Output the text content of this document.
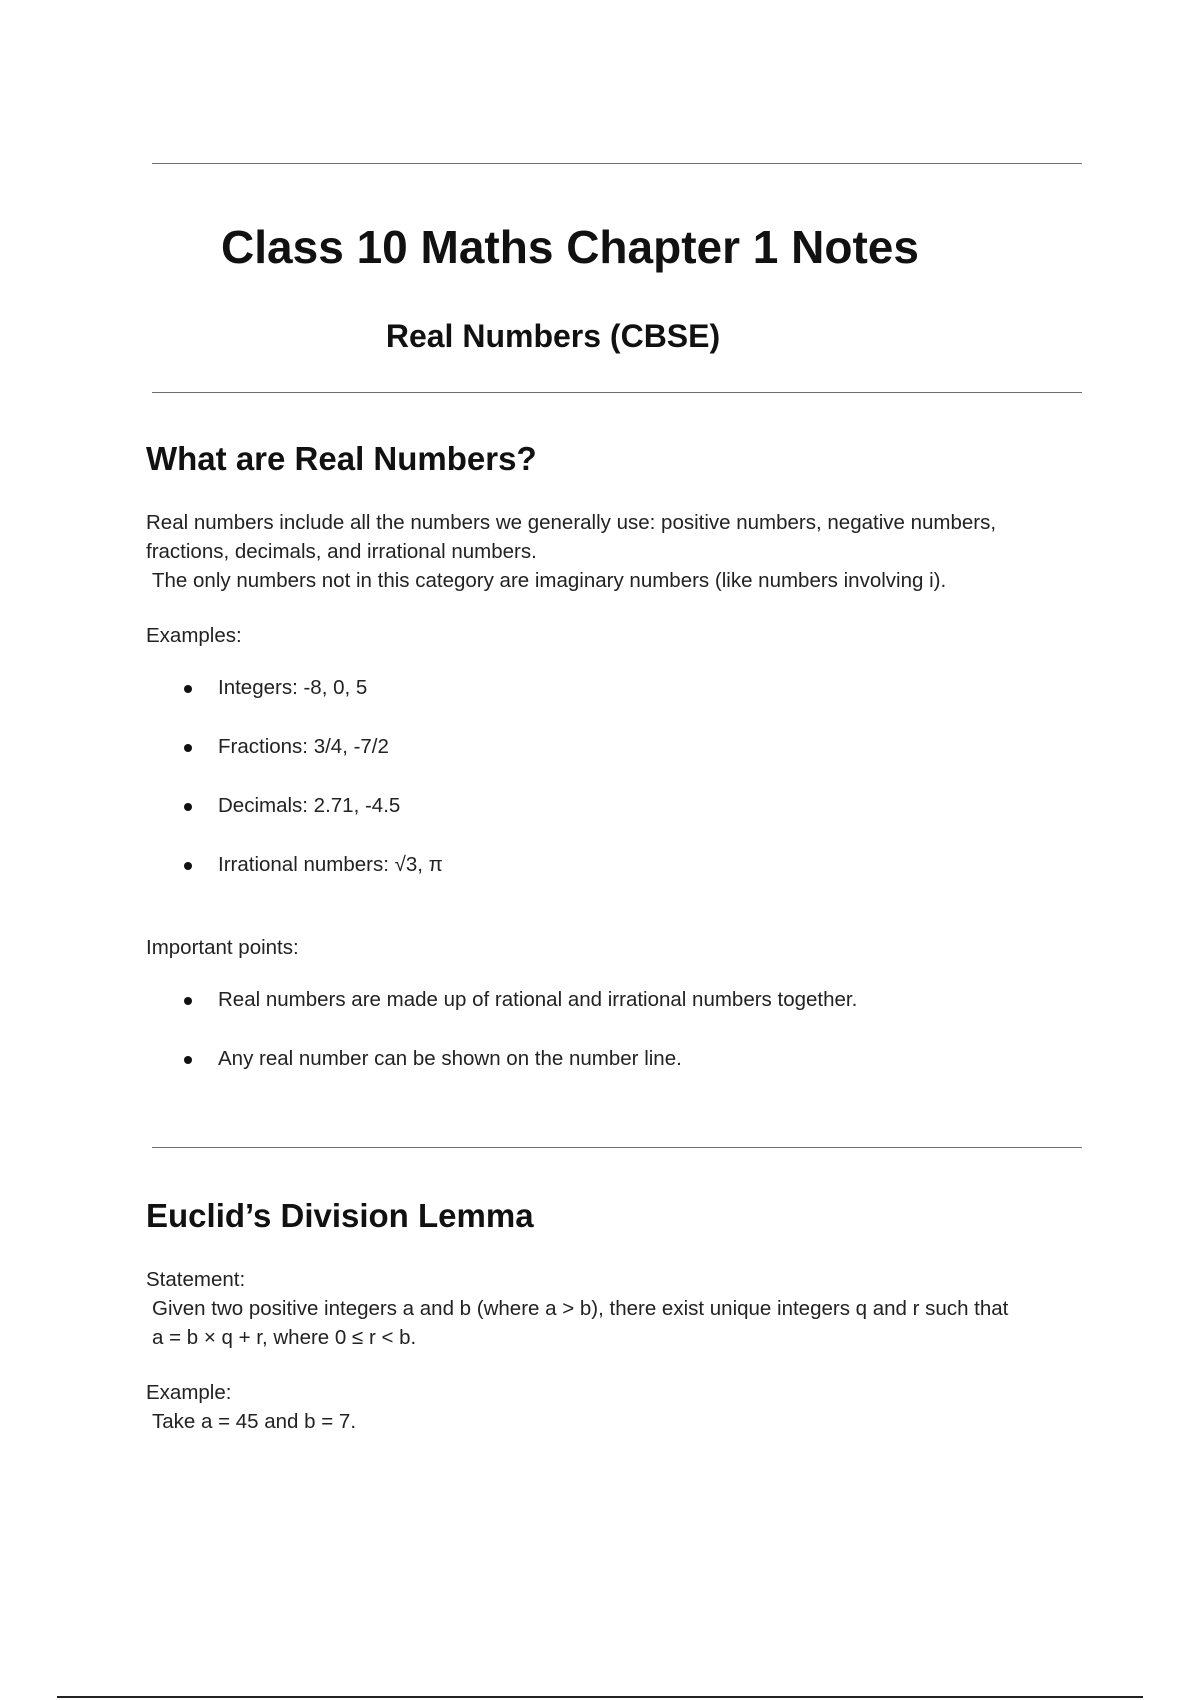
Class 10 Maths Chapter 1 Notes
Real Numbers (CBSE)
What are Real Numbers?

Real numbers include all the numbers we generally use: positive numbers, negative numbers,
fractions, decimals, and irrational numbers.
The only numbers not in this category are imaginary numbers (like numbers involving i).

Examples:
Integers: -8, 0, 5
Fractions: 3/4, -7/2
Decimals: 2.71, -4.5
Irrational numbers: √3, π
Important points:
Real numbers are made up of rational and irrational numbers together.
Any real number can be shown on the number line.
Euclid’s Division Lemma

Statement:
Given two positive integers a and b (where a > b), there exist unique integers q and r such that
a = b × q + r, where 0 ≤ r < b.

Example:
Take a = 45 and b = 7.
